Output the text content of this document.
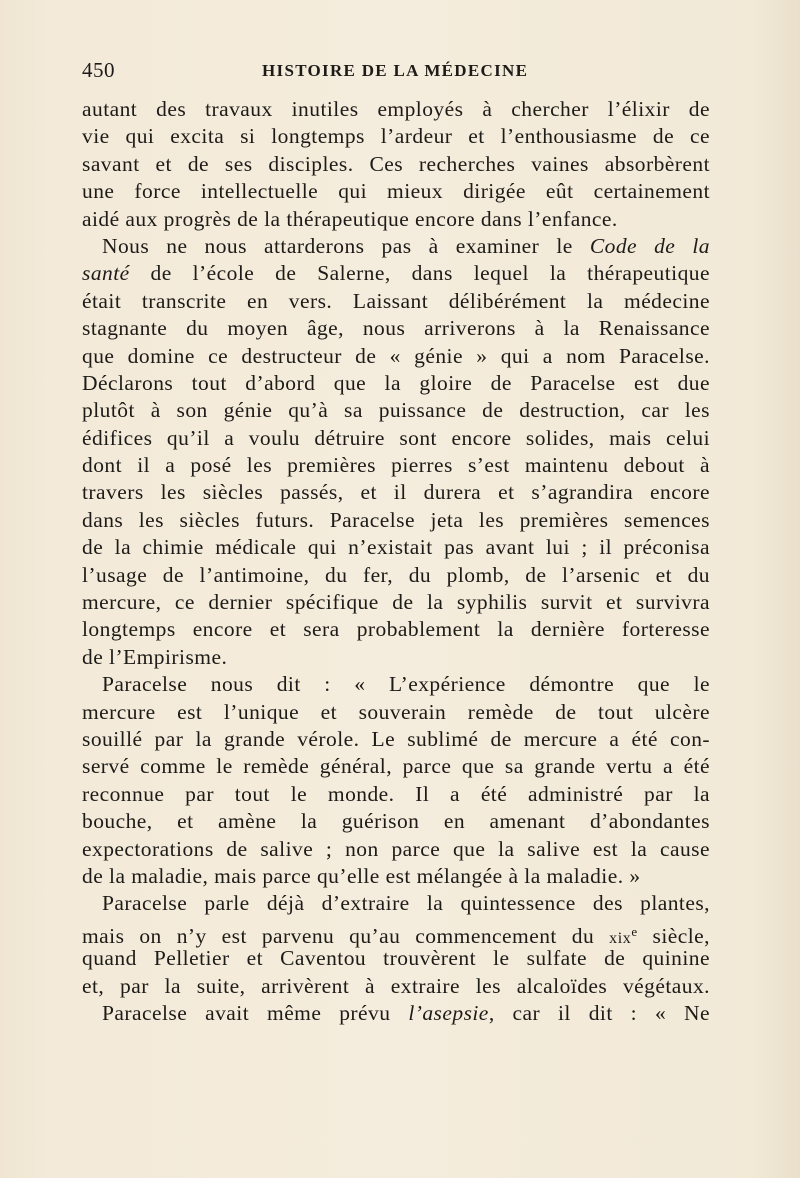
450	HISTOIRE DE LA MÉDECINE
autant des travaux inutiles employés à chercher l’élixir de
vie qui excita si longtemps l’ardeur et l’enthousiasme de ce
savant et de ses disciples. Ces recherches vaines absorbèrent
une force intellectuelle qui mieux dirigée eût certainement
aidé aux progrès de la thérapeutique encore dans l’enfance.
Nous ne nous attarderons pas à examiner le Code de la
santé de l’école de Salerne, dans lequel la thérapeutique
était transcrite en vers. Laissant délibérément la médecine
stagnante du moyen âge, nous arriverons à la Renaissance
que domine ce destructeur de « génie » qui a nom Paracelse.
Déclarons tout d’abord que la gloire de Paracelse est due
plutôt à son génie qu’à sa puissance de destruction, car les
édifices qu’il a voulu détruire sont encore solides, mais celui
dont il a posé les premières pierres s’est maintenu debout à
travers les siècles passés, et il durera et s’agrandira encore
dans les siècles futurs. Paracelse jeta les premières semences
de la chimie médicale qui n’existait pas avant lui ; il préconisa
l’usage de l’antimoine, du fer, du plomb, de l’arsenic et du
mercure, ce dernier spécifique de la syphilis survit et survivra
longtemps encore et sera probablement la dernière forteresse
de l’Empirisme.
Paracelse nous dit : « L’expérience démontre que le
mercure est l’unique et souverain remède de tout ulcère
souillé par la grande vérole. Le sublimé de mercure a été con-
servé comme le remède général, parce que sa grande vertu a été
reconnue par tout le monde. Il a été administré par la
bouche, et amène la guérison en amenant d’abondantes
expectorations de salive ; non parce que la salive est la cause
de la maladie, mais parce qu’elle est mélangée à la maladie. »
Paracelse parle déjà d’extraire la quintessence des plantes,
mais on n’y est parvenu qu’au commencement du xix$^e$ siècle,
quand Pelletier et Caventou trouvèrent le sulfate de quinine
et, par la suite, arrivèrent à extraire les alcaloïdes végétaux.
Paracelse avait même prévu l’asepsie, car il dit : « Ne
